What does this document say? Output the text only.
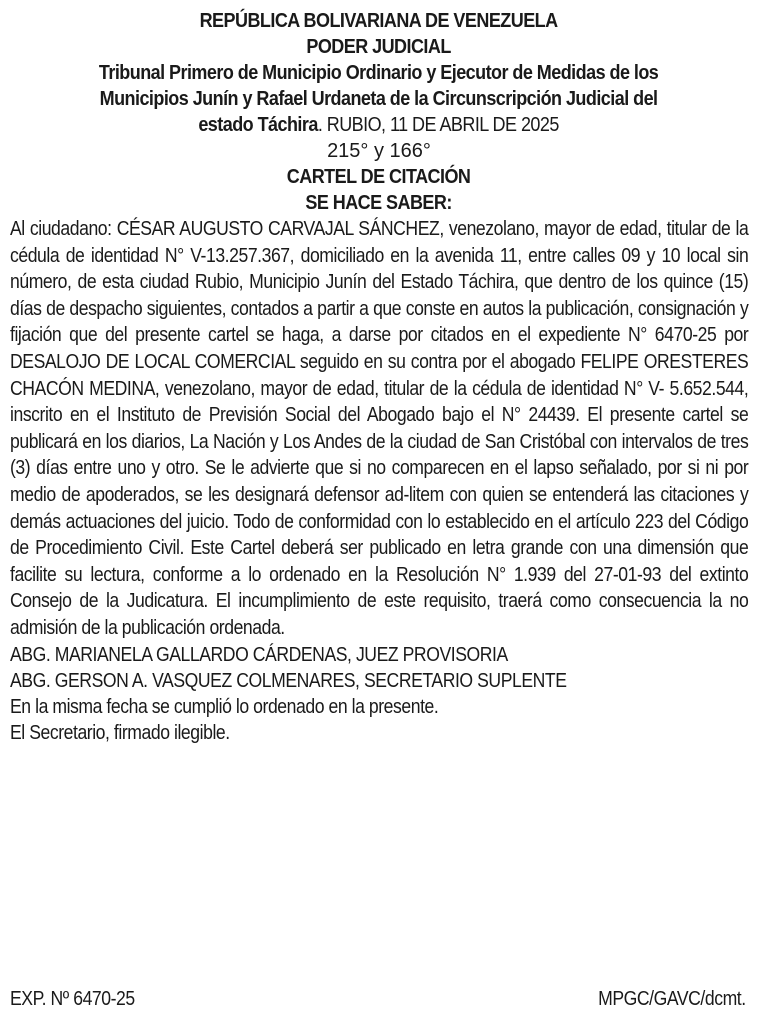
REPÚBLICA BOLIVARIANA DE VENEZUELA
PODER JUDICIAL
Tribunal Primero de Municipio Ordinario y Ejecutor de Medidas de los
Municipios Junín y Rafael Urdaneta de la Circunscripción Judicial del
estado Táchira. RUBIO, 11 DE ABRIL DE 2025
215° y 166°
CARTEL DE CITACIÓN
SE HACE SABER:
Al ciudadano: CÉSAR AUGUSTO CARVAJAL SÁNCHEZ, venezolano, mayor de edad, titular de la cédula de identidad N° V-13.257.367, domiciliado en la avenida 11, entre calles 09 y 10 local sin número, de esta ciudad Rubio, Municipio Junín del Estado Táchira, que dentro de los quince (15) días de despacho siguientes, contados a partir a que conste en autos la publicación, consignación y fijación que del presente cartel se haga, a darse por citados en el expediente N° 6470-25 por DESALOJO DE LOCAL COMERCIAL seguido en su contra por el abogado FELIPE ORESTERES CHACÓN MEDINA, venezolano, mayor de edad, titular de la cédula de identidad N° V- 5.652.544, inscrito en el Instituto de Previsión Social del Abogado bajo el N° 24439. El presente cartel se publicará en los diarios, La Nación y Los Andes de la ciudad de San Cristóbal con intervalos de tres (3) días entre uno y otro. Se le advierte que si no comparecen en el lapso señalado, por si ni por medio de apoderados, se les designará defensor ad-litem con quien se entenderá las citaciones y demás actuaciones del juicio. Todo de conformidad con lo establecido en el artículo 223 del Código de Procedimiento Civil. Este Cartel deberá ser publicado en letra grande con una dimensión que facilite su lectura, conforme a lo ordenado en la Resolución N° 1.939 del 27-01-93 del extinto Consejo de la Judicatura. El incumplimiento de este requisito, traerá como consecuencia la no admisión de la publicación ordenada.
ABG. MARIANELA GALLARDO CÁRDENAS, JUEZ PROVISORIA
ABG. GERSON A. VASQUEZ COLMENARES, SECRETARIO SUPLENTE
En la misma fecha se cumplió lo ordenado en la presente.
El Secretario, firmado ilegible.
EXP. Nº 6470-25	MPGC/GAVC/dcmt.
